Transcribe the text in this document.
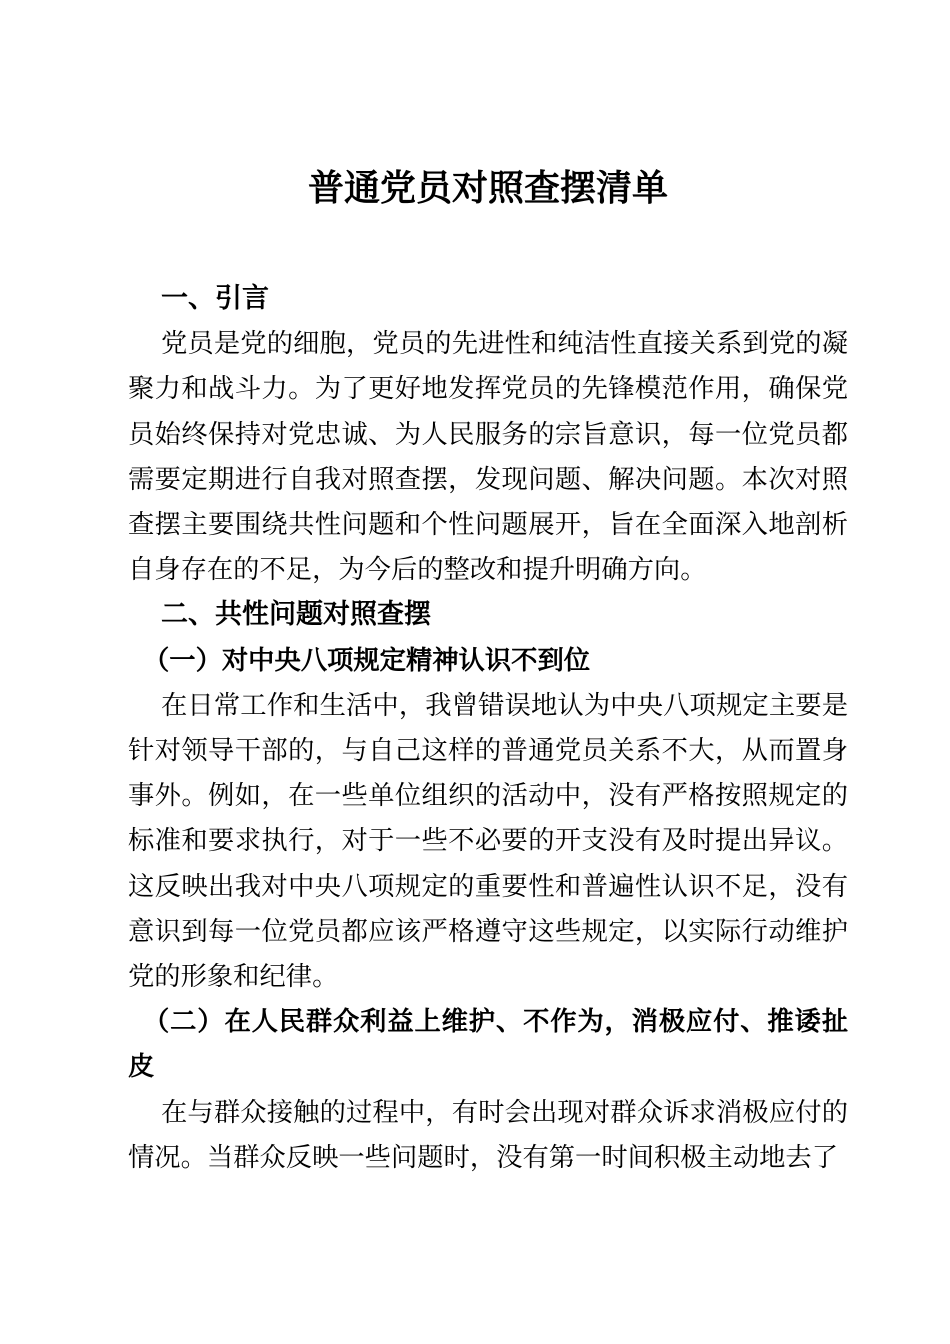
普通党员对照查摆清单
一、引言

党员是党的细胞，党员的先进性和纯洁性直接关系到党的凝聚力和战斗力。为了更好地发挥党员的先锋模范作用，确保党员始终保持对党忠诚、为人民服务的宗旨意识，每一位党员都需要定期进行自我对照查摆，发现问题、解决问题。本次对照查摆主要围绕共性问题和个性问题展开，旨在全面深入地剖析自身存在的不足，为今后的整改和提升明确方向。

二、共性问题对照查摆
（一）对中央八项规定精神认识不到位

在日常工作和生活中，我曾错误地认为中央八项规定主要是针对领导干部的，与自己这样的普通党员关系不大，从而置身事外。例如，在一些单位组织的活动中，没有严格按照规定的标准和要求执行，对于一些不必要的开支没有及时提出异议。这反映出我对中央八项规定的重要性和普遍性认识不足，没有意识到每一位党员都应该严格遵守这些规定，以实际行动维护党的形象和纪律。

（二）在人民群众利益上维护、不作为，消极应付、推诿扯皮

在与群众接触的过程中，有时会出现对群众诉求消极应付的情况。当群众反映一些问题时，没有第一时间积极主动地去了
